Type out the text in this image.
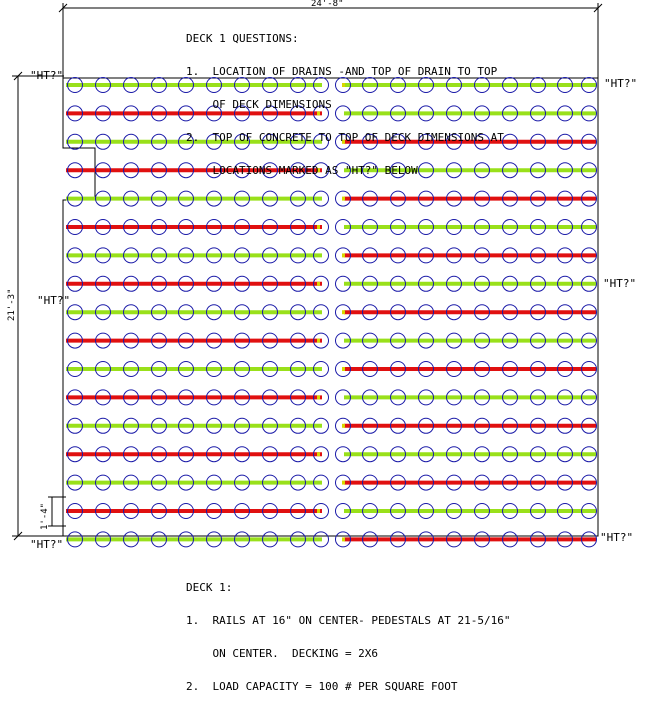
24'-8"
21'-3"
1'-4"
"HT?"
"HT?"
"HT?"
"HT?"
"HT?"
"HT?"

DECK 1 QUESTIONS:

1.  LOCATION OF DRAINS -AND TOP OF DRAIN TO TOP

OF DECK DIMENSIONS

2.  TOP OF CONCRETE TO TOP OF DECK DIMENSIONS AT

LOCATIONS MARKED AS "HT?" BELOW

DECK 1:

1.  RAILS AT 16" ON CENTER- PEDESTALS AT 21-5/16"

ON CENTER.  DECKING = 2X6

2.  LOAD CAPACITY = 100 # PER SQUARE FOOT
